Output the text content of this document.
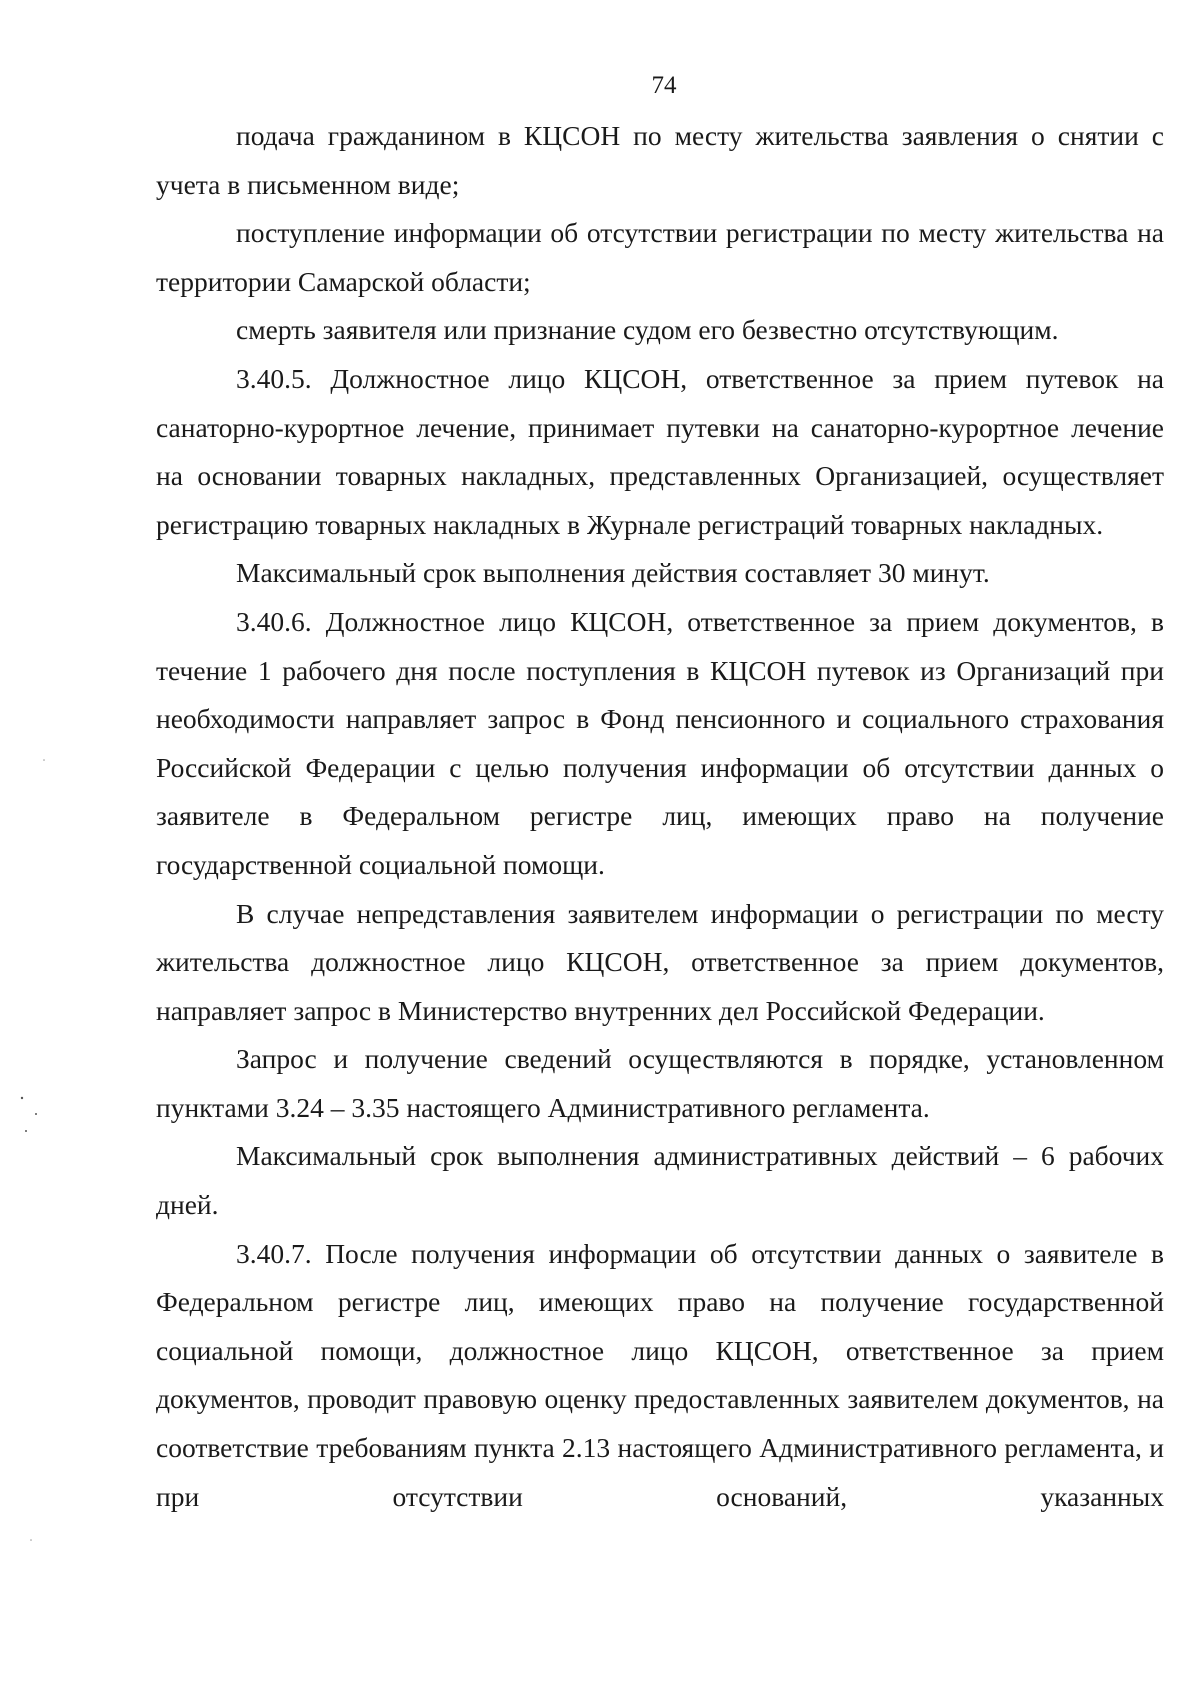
74

подача гражданином в КЦСОН по месту жительства заявления о снятии с учета в письменном виде;

поступление информации об отсутствии регистрации по месту жительства на территории Самарской области;

смерть заявителя или признание судом его безвестно отсутствующим.

3.40.5. Должностное лицо КЦСОН, ответственное за прием путевок на санаторно-курортное лечение, принимает путевки на санаторно-курортное лечение на основании товарных накладных, представленных Организацией, осуществляет регистрацию товарных накладных в Журнале регистраций товарных накладных.

Максимальный срок выполнения действия составляет 30 минут.

3.40.6. Должностное лицо КЦСОН, ответственное за прием документов, в течение 1 рабочего дня после поступления в КЦСОН путевок из Организаций при необходимости направляет запрос в Фонд пенсионного и социального страхования Российской Федерации с целью получения информации об отсутствии данных о заявителе в Федеральном регистре лиц, имеющих право на получение государственной социальной помощи.

В случае непредставления заявителем информации о регистрации по месту жительства должностное лицо КЦСОН, ответственное за прием документов, направляет запрос в Министерство внутренних дел Российской Федерации.

Запрос и получение сведений осуществляются в порядке, установленном пунктами 3.24 – 3.35 настоящего Административного регламента.

Максимальный срок выполнения административных действий – 6 рабочих дней.

3.40.7. После получения информации об отсутствии данных о заявителе в Федеральном регистре лиц, имеющих право на получение государственной социальной помощи, должностное лицо КЦСОН, ответственное за прием документов, проводит правовую оценку предоставленных заявителем документов, на соответствие требованиям пункта 2.13 настоящего Административного регламента, и при отсутствии оснований, указанных
